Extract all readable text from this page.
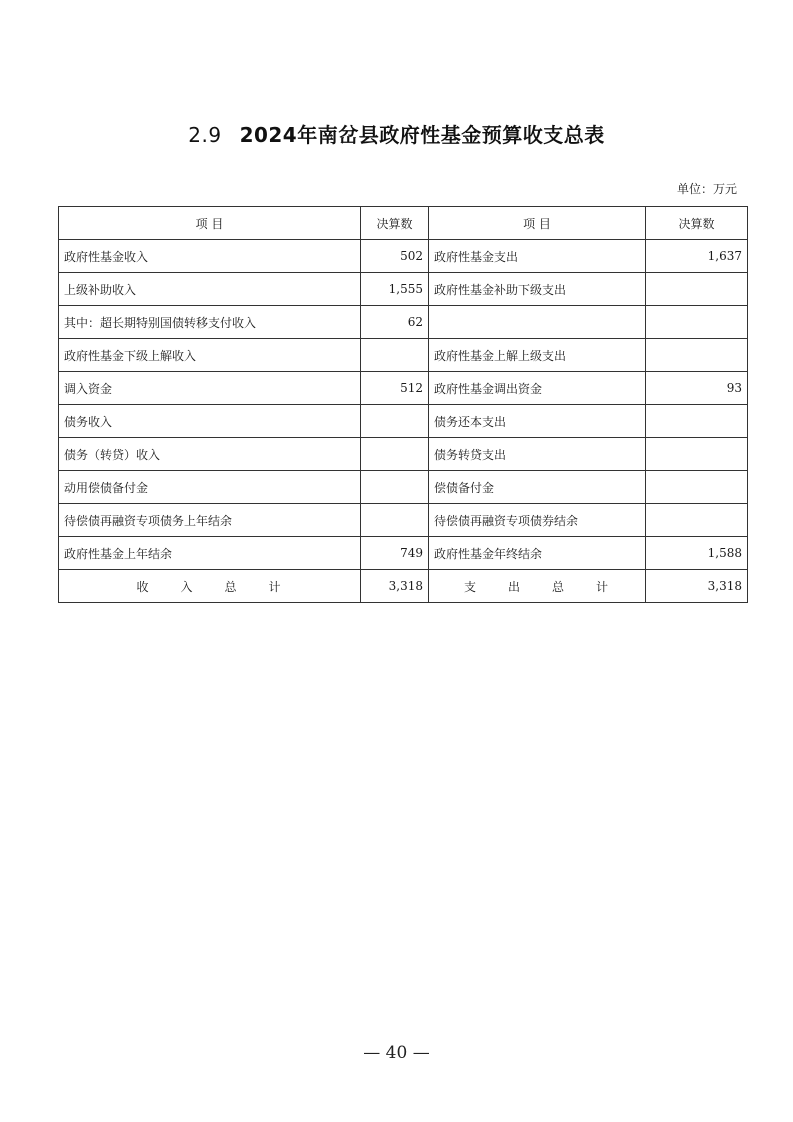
2.9 2024年南岔县政府性基金预算收支总表
单位：万元
项 目	决算数	项 目	决算数
政府性基金收入	502	政府性基金支出	1,637
上级补助收入	1,555	政府性基金补助下级支出	
其中：超长期特别国债转移支付收入	62		
政府性基金下级上解收入		政府性基金上解上级支出	
调入资金	512	政府性基金调出资金	93
债务收入		债务还本支出	
债务（转贷）收入		债务转贷支出	
动用偿债备付金		偿债备付金	
待偿债再融资专项债务上年结余		待偿债再融资专项债券结余	
政府性基金上年结余	749	政府性基金年终结余	1,588
收 入 总 计	3,318	支 出 总 计	3,318
— 40 —
